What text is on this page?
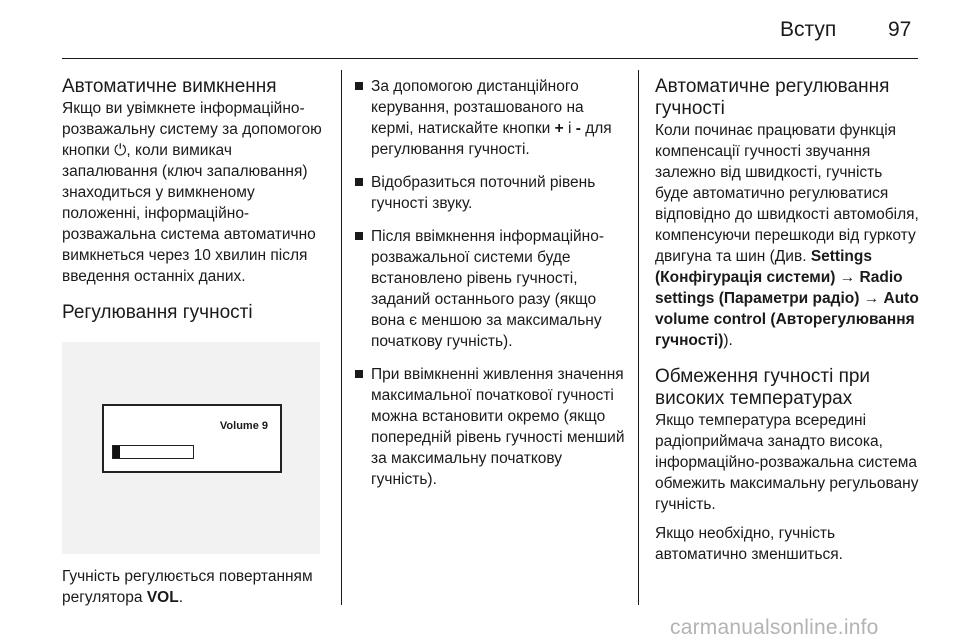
Вступ 97
Автоматичне вимкнення

Якщо ви увімкнете інформаційно-розважальну систему за допомогою кнопки ⏻, коли вимикач запалювання (ключ запалювання) знаходиться у вимкненому положенні, інформаційно-розважальна система автоматично вимкнеться через 10 хвилин після введення останніх даних.

Регулювання гучності
Volume 9

Гучність регулюється повертанням регулятора VOL.

За допомогою дистанційного керування, розташованого на кермі, натискайте кнопки + і - для регулювання гучності.
Відобразиться поточний рівень гучності звуку.
Після ввімкнення інформаційно-розважальної системи буде встановлено рівень гучності, заданий останнього разу (якщо вона є меншою за максимальну початкову гучність).
При ввімкненні живлення значення максимальної початкової гучності можна встановити окремо (якщо попередній рівень гучності менший за максимальну початкову гучність).
Автоматичне регулювання гучності

Коли починає працювати функція компенсації гучності звучання залежно від швидкості, гучність буде автоматично регулюватися відповідно до швидкості автомобіля, компенсуючи перешкоди від гуркоту двигуна та шин (Див. Settings (Конфігурація системи) → Radio settings (Параметри радіо) → Auto volume control (Авторегулювання гучності)).

Обмеження гучності при високих температурах

Якщо температура всередині радіоприймача занадто висока, інформаційно-розважальна система обмежить максимальну регульовану гучність.

Якщо необхідно, гучність автоматично зменшиться.

carmanualsonline.info
